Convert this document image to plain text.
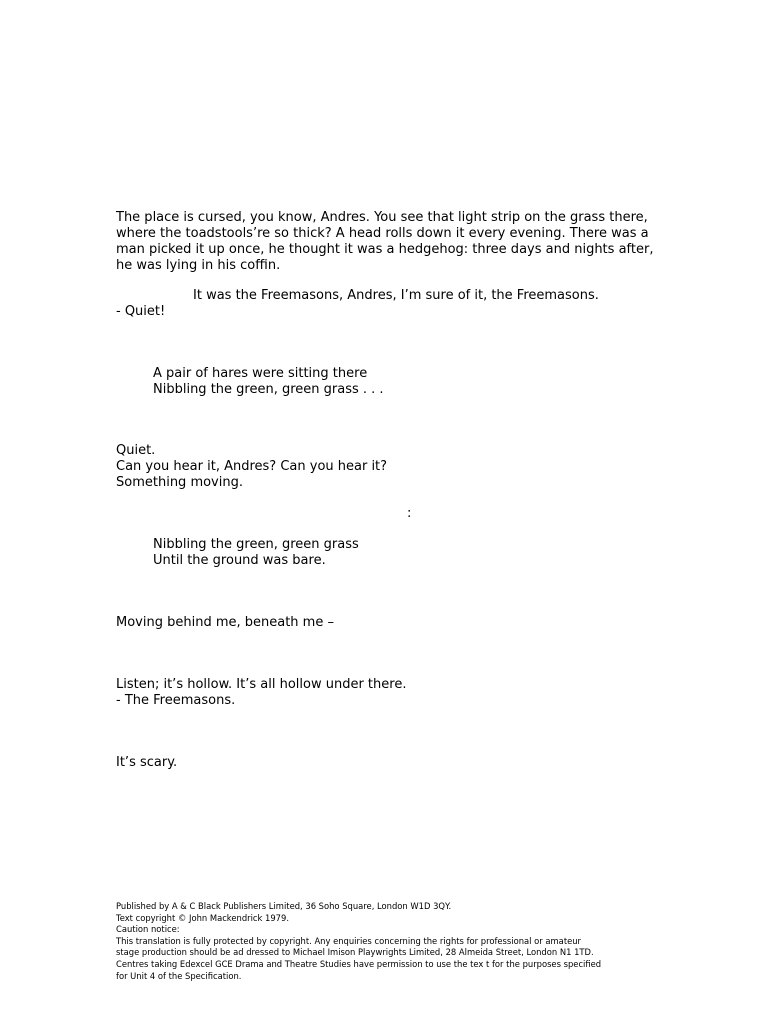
The place is cursed, you know, Andres. You see that light strip on the grass there,
where the toadstools’re so thick? A head rolls down it every evening. There was a
man picked it up once, he thought it was a hedgehog: three days and nights after,
he was lying in his coffin.
It was the Freemasons, Andres, I’m sure of it, the Freemasons.
- Quiet!
A pair of hares were sitting there
Nibbling the green, green grass . . .
Quiet.
Can you hear it, Andres? Can you hear it?
Something moving.
:
Nibbling the green, green grass
Until the ground was bare.
Moving behind me, beneath me –
Listen; it’s hollow. It’s all hollow under there.
- The Freemasons.
It’s scary.
Published by A & C Black Publishers Limited, 36 Soho Square, London W1D 3QY.
Text copyright © John Mackendrick 1979.
Caution notice:
This translation is fully protected by copyright. Any enquiries concerning the rights for professional or amateur
stage production should be ad dressed to Michael Imison Playwrights Limited, 28 Almeida Street, London N1 1TD.
Centres taking Edexcel GCE Drama and Theatre Studies have permission to use the tex t for the purposes specified
for Unit 4 of the Specification.
